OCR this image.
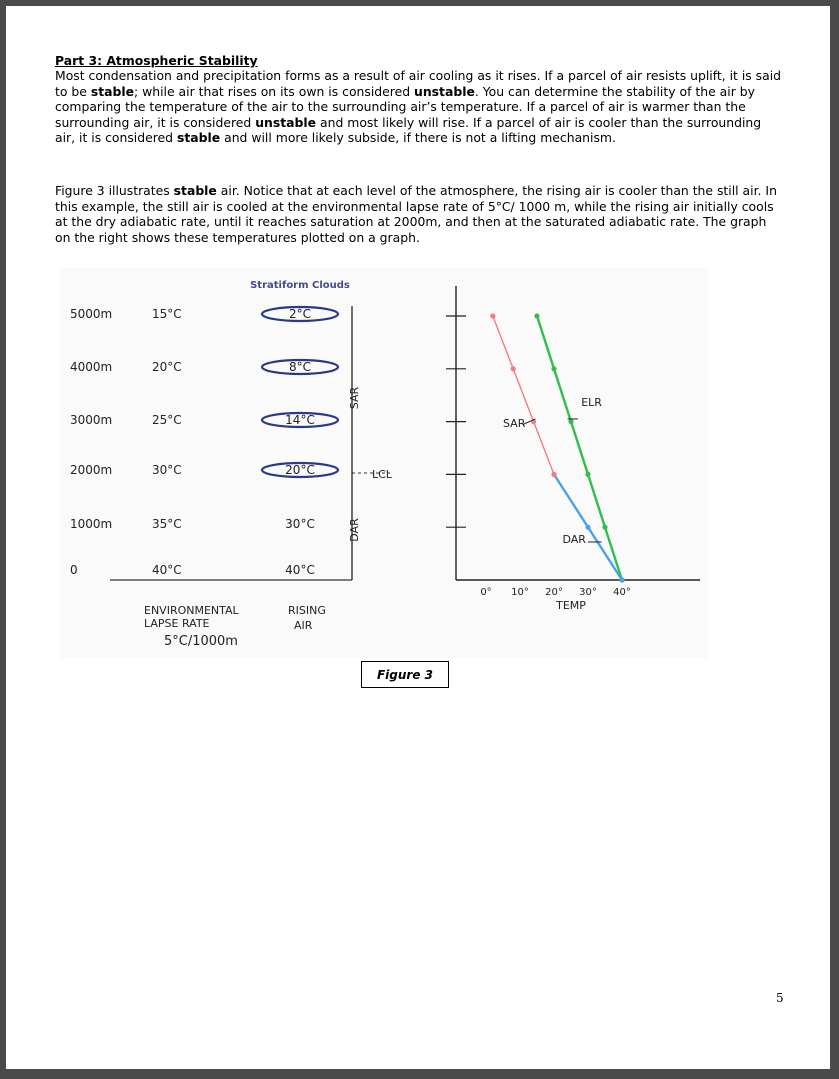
Part 3: Atmospheric Stability

Most condensation and precipitation forms as a result of air cooling as it rises. If a parcel of air resists uplift, it is said to be stable; while air that rises on its own is considered unstable. You can determine the stability of the air by comparing the temperature of the air to the surrounding air’s temperature. If a parcel of air is warmer than the surrounding air, it is considered unstable and most likely will rise. If a parcel of air is cooler than the surrounding air, it is considered stable and will more likely subside, if there is not a lifting mechanism.

Figure 3 illustrates stable air. Notice that at each level of the atmosphere, the rising air is cooler than the still air. In this example, the still air is cooled at the environmental lapse rate of 5°C/ 1000 m, while the rising air initially cools at the dry adiabatic rate, until it reaches saturation at 2000m, and then at the saturated adiabatic rate. The graph on the right shows these temperatures plotted on a graph.

Stratiform Clouds
5000m	15°C	2°C
4000m	20°C	8°C
3000m	25°C	14°C
2000m	30°C	20°C
1000m	35°C	30°C
0	40°C	40°C
SAR
DAR
LCL
ENVIRONMENTAL
LAPSE RATE
5°C/1000m
RISING
AIR
0° 10° 20° 30° 40°
TEMP
ELR
SAR
DAR
Figure 3
5
